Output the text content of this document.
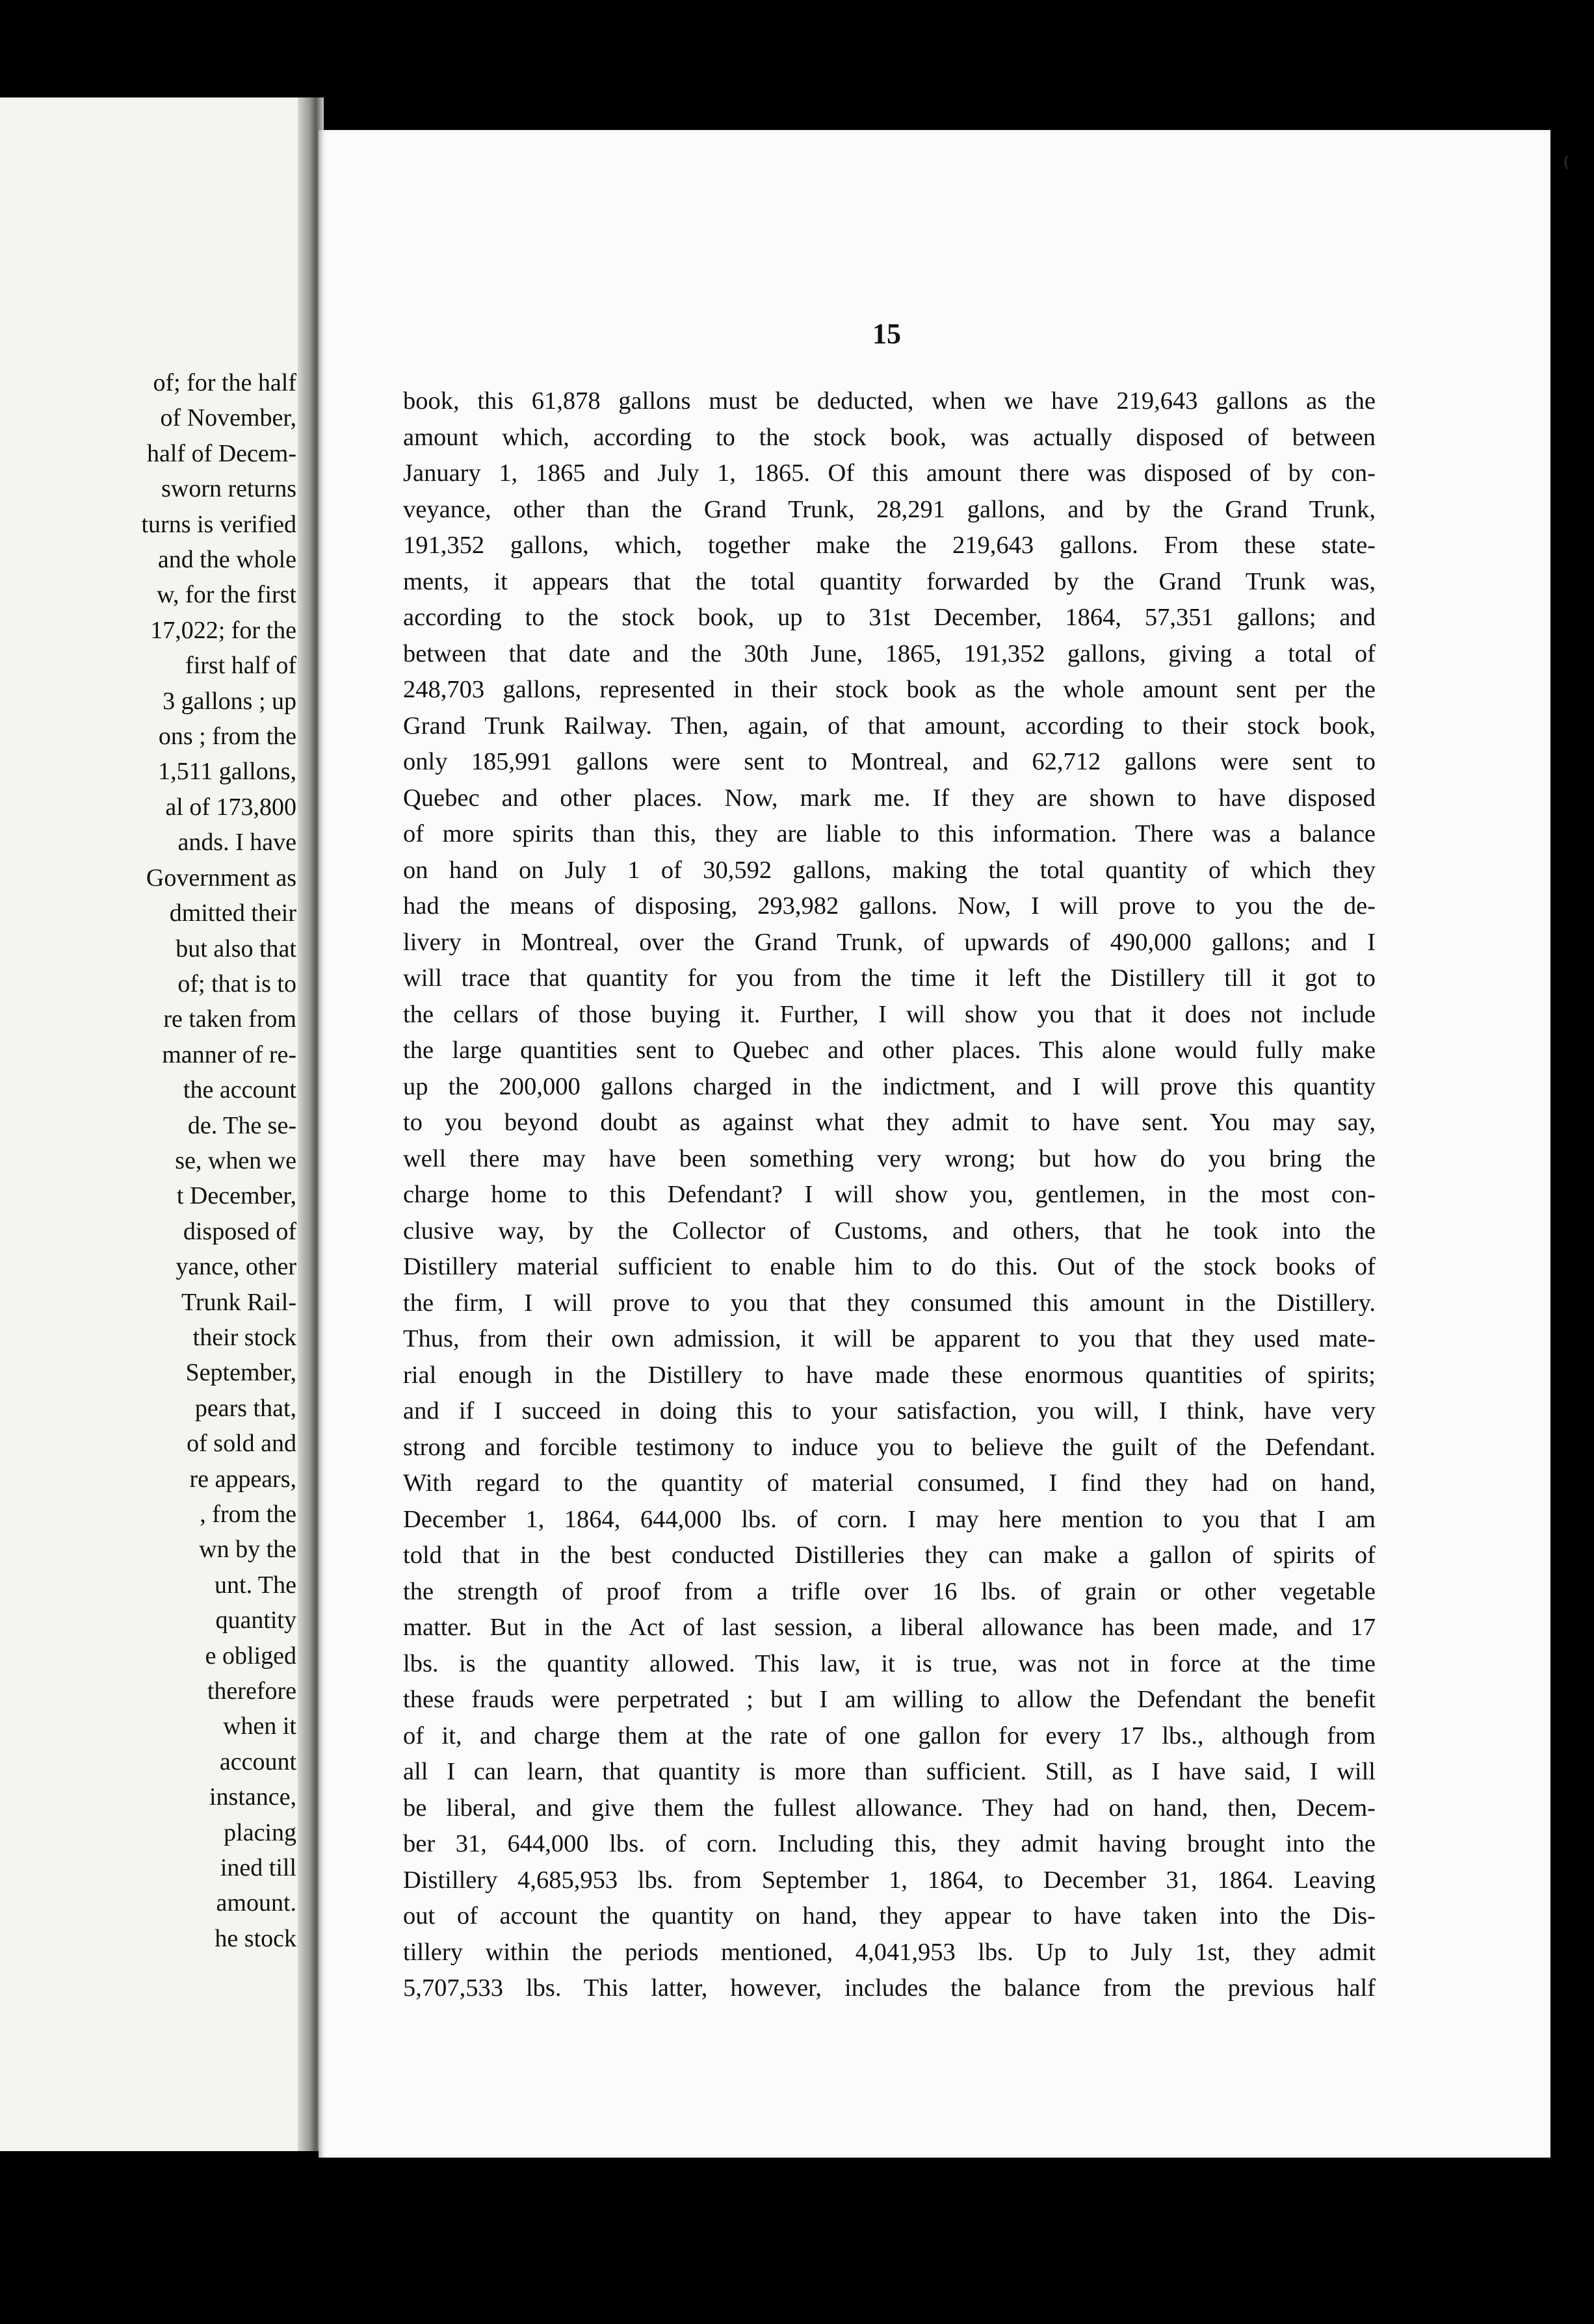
of; for the half
of November,
half of Decem-
sworn returns
turns is verified
and the whole
w, for the first
17,022; for the
first half of
3 gallons ; up
ons ; from the
1,511 gallons,
al of 173,800
ands. I have
Government as
dmitted their
but also that
of; that is to
re taken from
manner of re-
the account
de. The se-
se, when we
t December,
disposed of
yance, other
Trunk Rail-
their stock
September,
pears that,
of sold and
re appears,
, from the
wn by the
unt. The
quantity
e obliged
therefore
when it
account
instance,
placing
ined till
amount.
he stock
15
(
book, this 61,878 gallons must be deducted, when we have 219,643 gallons as the
amount which, according to the stock book, was actually disposed of between
January 1, 1865 and July 1, 1865. Of this amount there was disposed of by con-
veyance, other than the Grand Trunk, 28,291 gallons, and by the Grand Trunk,
191,352 gallons, which, together make the 219,643 gallons. From these state-
ments, it appears that the total quantity forwarded by the Grand Trunk was,
according to the stock book, up to 31st December, 1864, 57,351 gallons; and
between that date and the 30th June, 1865, 191,352 gallons, giving a total of
248,703 gallons, represented in their stock book as the whole amount sent per the
Grand Trunk Railway. Then, again, of that amount, according to their stock book,
only 185,991 gallons were sent to Montreal, and 62,712 gallons were sent to
Quebec and other places. Now, mark me. If they are shown to have disposed
of more spirits than this, they are liable to this information. There was a balance
on hand on July 1 of 30,592 gallons, making the total quantity of which they
had the means of disposing, 293,982 gallons. Now, I will prove to you the de-
livery in Montreal, over the Grand Trunk, of upwards of 490,000 gallons; and I
will trace that quantity for you from the time it left the Distillery till it got to
the cellars of those buying it. Further, I will show you that it does not include
the large quantities sent to Quebec and other places. This alone would fully make
up the 200,000 gallons charged in the indictment, and I will prove this quantity
to you beyond doubt as against what they admit to have sent. You may say,
well there may have been something very wrong; but how do you bring the
charge home to this Defendant? I will show you, gentlemen, in the most con-
clusive way, by the Collector of Customs, and others, that he took into the
Distillery material sufficient to enable him to do this. Out of the stock books of
the firm, I will prove to you that they consumed this amount in the Distillery.
Thus, from their own admission, it will be apparent to you that they used mate-
rial enough in the Distillery to have made these enormous quantities of spirits;
and if I succeed in doing this to your satisfaction, you will, I think, have very
strong and forcible testimony to induce you to believe the guilt of the Defendant.
With regard to the quantity of material consumed, I find they had on hand,
December 1, 1864, 644,000 lbs. of corn. I may here mention to you that I am
told that in the best conducted Distilleries they can make a gallon of spirits of
the strength of proof from a trifle over 16 lbs. of grain or other vegetable
matter. But in the Act of last session, a liberal allowance has been made, and 17
lbs. is the quantity allowed. This law, it is true, was not in force at the time
these frauds were perpetrated ; but I am willing to allow the Defendant the benefit
of it, and charge them at the rate of one gallon for every 17 lbs., although from
all I can learn, that quantity is more than sufficient. Still, as I have said, I will
be liberal, and give them the fullest allowance. They had on hand, then, Decem-
ber 31, 644,000 lbs. of corn. Including this, they admit having brought into the
Distillery 4,685,953 lbs. from September 1, 1864, to December 31, 1864. Leaving
out of account the quantity on hand, they appear to have taken into the Dis-
tillery within the periods mentioned, 4,041,953 lbs. Up to July 1st, they admit
5,707,533 lbs. This latter, however, includes the balance from the previous half
